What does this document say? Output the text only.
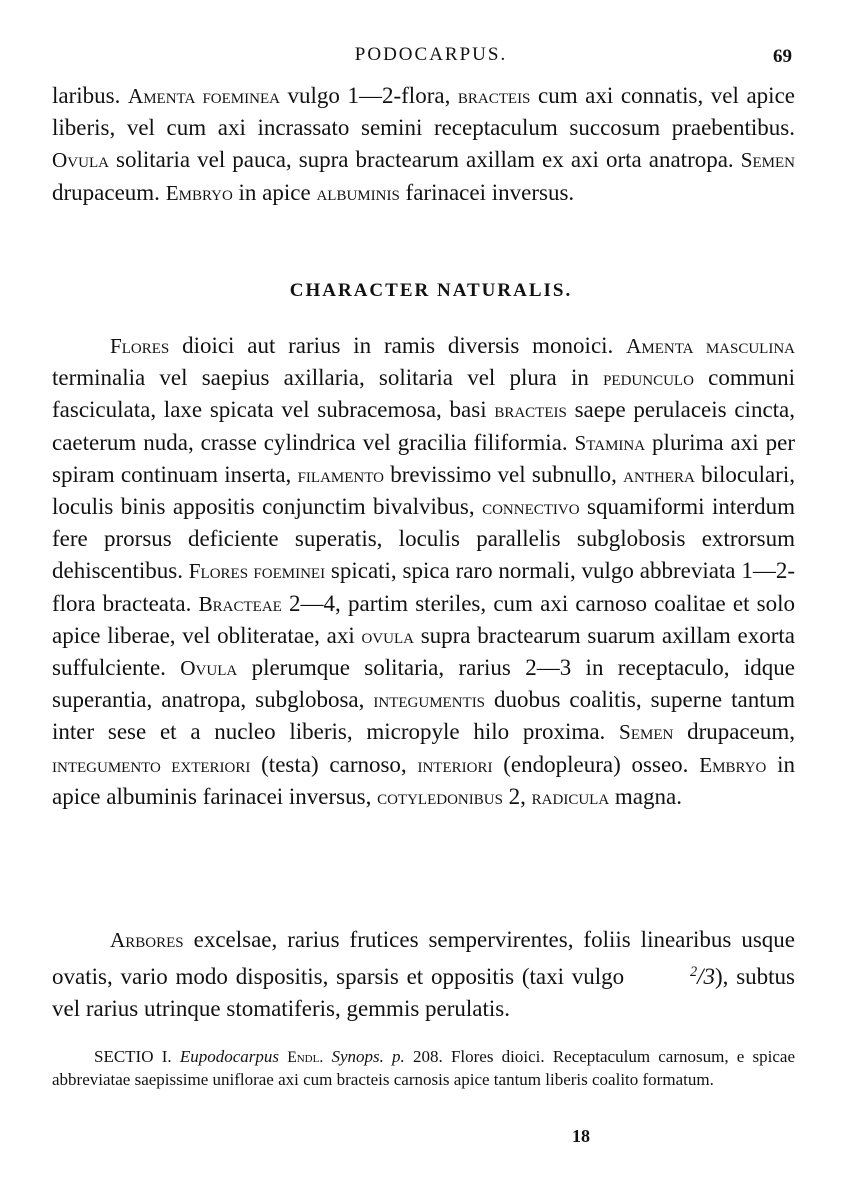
PODOCARPUS.	69

laribus. Amenta foeminea vulgo 1—2-flora, bracteis cum axi connatis, vel apice liberis, vel cum axi incrassato semini receptaculum succosum praebentibus. Ovula solitaria vel pauca, supra bractearum axillam ex axi orta anatropa. Semen drupaceum. Embryo in apice albuminis farinacei inversus.

CHARACTER NATURALIS.

Flores dioici aut rarius in ramis diversis monoici. Amenta masculina terminalia vel saepius axillaria, solitaria vel plura in pedunculo communi fasciculata, laxe spicata vel subracemosa, basi bracteis saepe perulaceis cincta, caeterum nuda, crasse cylindrica vel gracilia filiformia. Stamina plurima axi per spiram continuam inserta, filamento brevissimo vel subnullo, anthera biloculari, loculis binis appositis conjunctim bivalvibus, connectivo squamiformi interdum fere prorsus deficiente superatis, loculis parallelis subglobosis extrorsum dehiscentibus. Flores foeminei spicati, spica raro normali, vulgo abbreviata 1—2-flora bracteata. Bracteae 2—4, partim steriles, cum axi carnoso coalitae et solo apice liberae, vel obliteratae, axi ovula supra bractearum suarum axillam exorta suffulciente. Ovula plerumque solitaria, rarius 2—3 in receptaculo, idque superantia, anatropa, subglobosa, integumentis duobus coalitis, superne tantum inter sese et a nucleo liberis, micropyle hilo proxima. Semen drupaceum, integumento exteriori (testa) carnoso, interiori (endopleura) osseo. Embryo in apice albuminis farinacei inversus, cotyledonibus 2, radicula magna.

Arbores excelsae, rarius frutices sempervirentes, foliis linearibus usque ovatis, vario modo dispositis, sparsis et oppositis (taxi vulgo	$^2$/3), subtus vel rarius utrinque stomatiferis, gemmis perulatis.

SECTIO I. Eupodocarpus Endl. Synops. p. 208. Flores dioici. Receptaculum carnosum, e spicae abbreviatae saepissime uniflorae axi cum bracteis carnosis apice tantum liberis coalito formatum.

18
